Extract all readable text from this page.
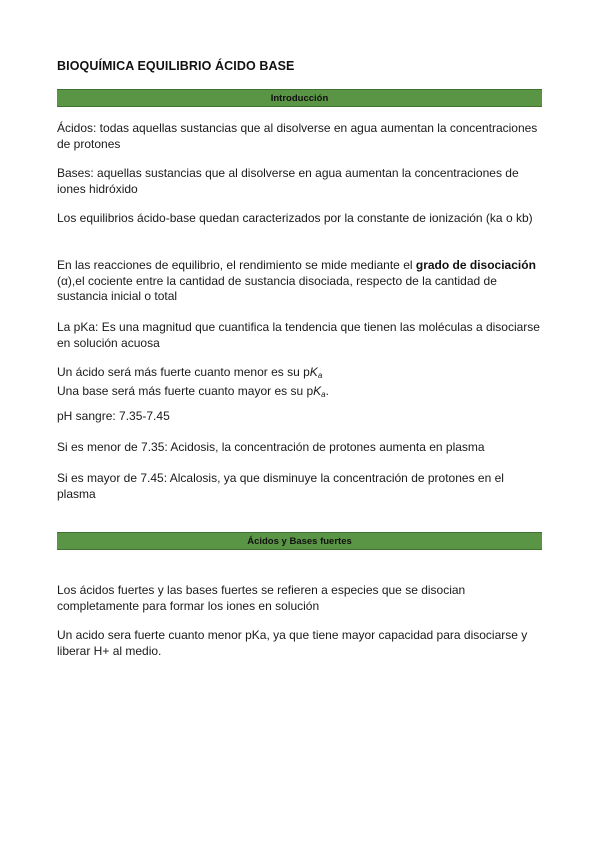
BIOQUÍMICA EQUILIBRIO ÁCIDO BASE
Introducción

Ácidos: todas aquellas sustancias que al disolverse en agua aumentan la concentraciones de protones

Bases: aquellas sustancias que al disolverse en agua aumentan la concentraciones de iones hidróxido

Los equilibrios ácido-base quedan caracterizados por la constante de ionización (ka o kb)

En las reacciones de equilibrio, el rendimiento se mide mediante el grado de disociación (α),el cociente entre la cantidad de sustancia disociada, respecto de la cantidad de sustancia inicial o total

La pKa: Es una magnitud que cuantifica la tendencia que tienen las moléculas a disociarse en solución acuosa

Un ácido será más fuerte cuanto menor es su $pK_a$
Una base será más fuerte cuanto mayor es su $pK_a$.

pH sangre: 7.35-7.45

Si es menor de 7.35: Acidosis, la concentración de protones aumenta en plasma

Si es mayor de 7.45: Alcalosis, ya que disminuye la concentración de protones en el plasma

Ácidos y Bases fuertes

Los ácidos fuertes y las bases fuertes se refieren a especies que se disocian completamente para formar los iones en solución

Un acido sera fuerte cuanto menor pKa, ya que tiene mayor capacidad para disociarse y liberar H+ al medio.
